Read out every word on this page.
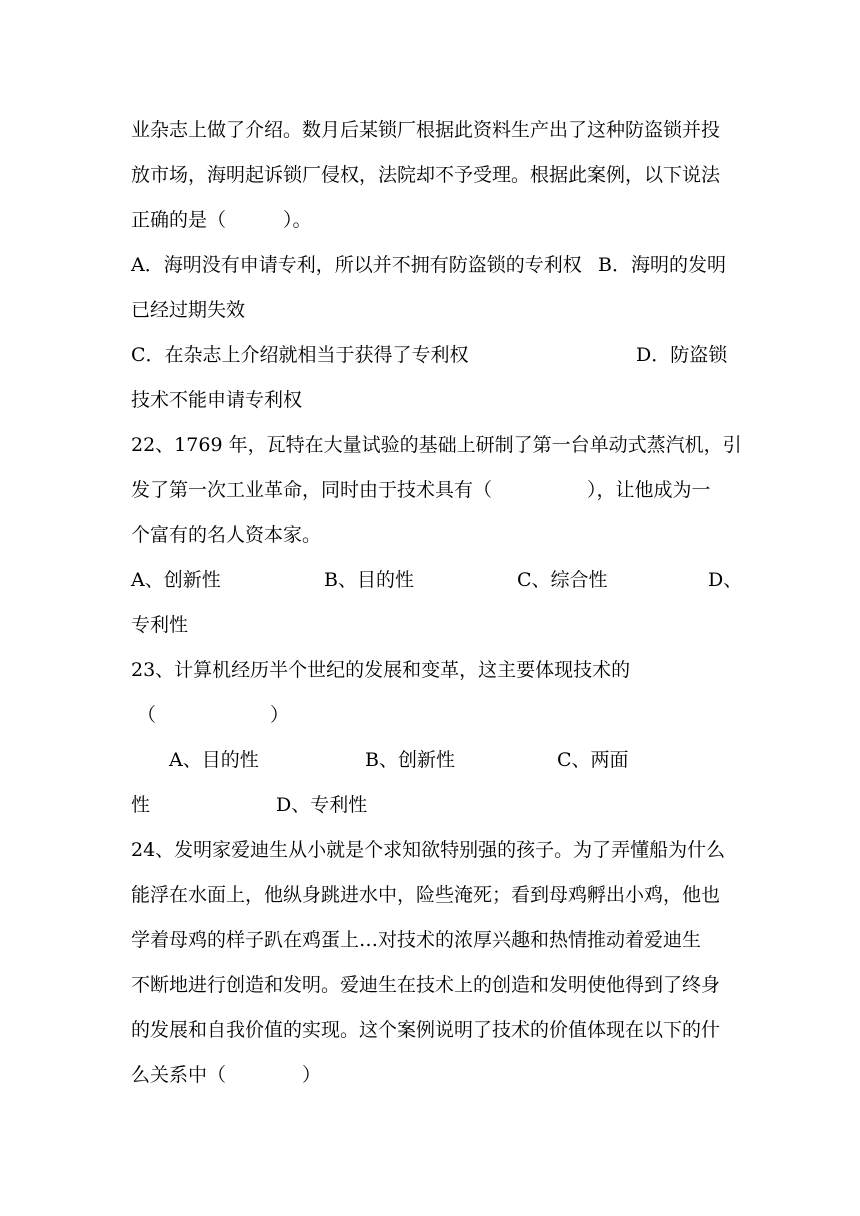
业杂志上做了介绍。数月后某锁厂根据此资料生产出了这种防盗锁并投
放市场，海明起诉锁厂侵权，法院却不予受理。根据此案例，以下说法
正确的是（　　　）。
A．海明没有申请专利，所以并不拥有防盗锁的专利权 B．海明的发明
已经过期失效
C．在杂志上介绍就相当于获得了专利权	D．防盗锁
技术不能申请专利权
22、1769 年，瓦特在大量试验的基础上研制了第一台单动式蒸汽机，引
发了第一次工业革命，同时由于技术具有（　　　　　），让他成为一
个富有的名人资本家。
A、创新性	B、目的性	C、综合性	D、
专利性
23、计算机经历半个世纪的发展和变革，这主要体现技术的
（　　　　　　）
A、目的性	B、创新性	C、两面
性	D、专利性
24、发明家爱迪生从小就是个求知欲特别强的孩子。为了弄懂船为什么
能浮在水面上，他纵身跳进水中，险些淹死；看到母鸡孵出小鸡，他也
学着母鸡的样子趴在鸡蛋上…对技术的浓厚兴趣和热情推动着爱迪生
不断地进行创造和发明。爱迪生在技术上的创造和发明使他得到了终身
的发展和自我价值的实现。这个案例说明了技术的价值体现在以下的什
么关系中（　　　　）
